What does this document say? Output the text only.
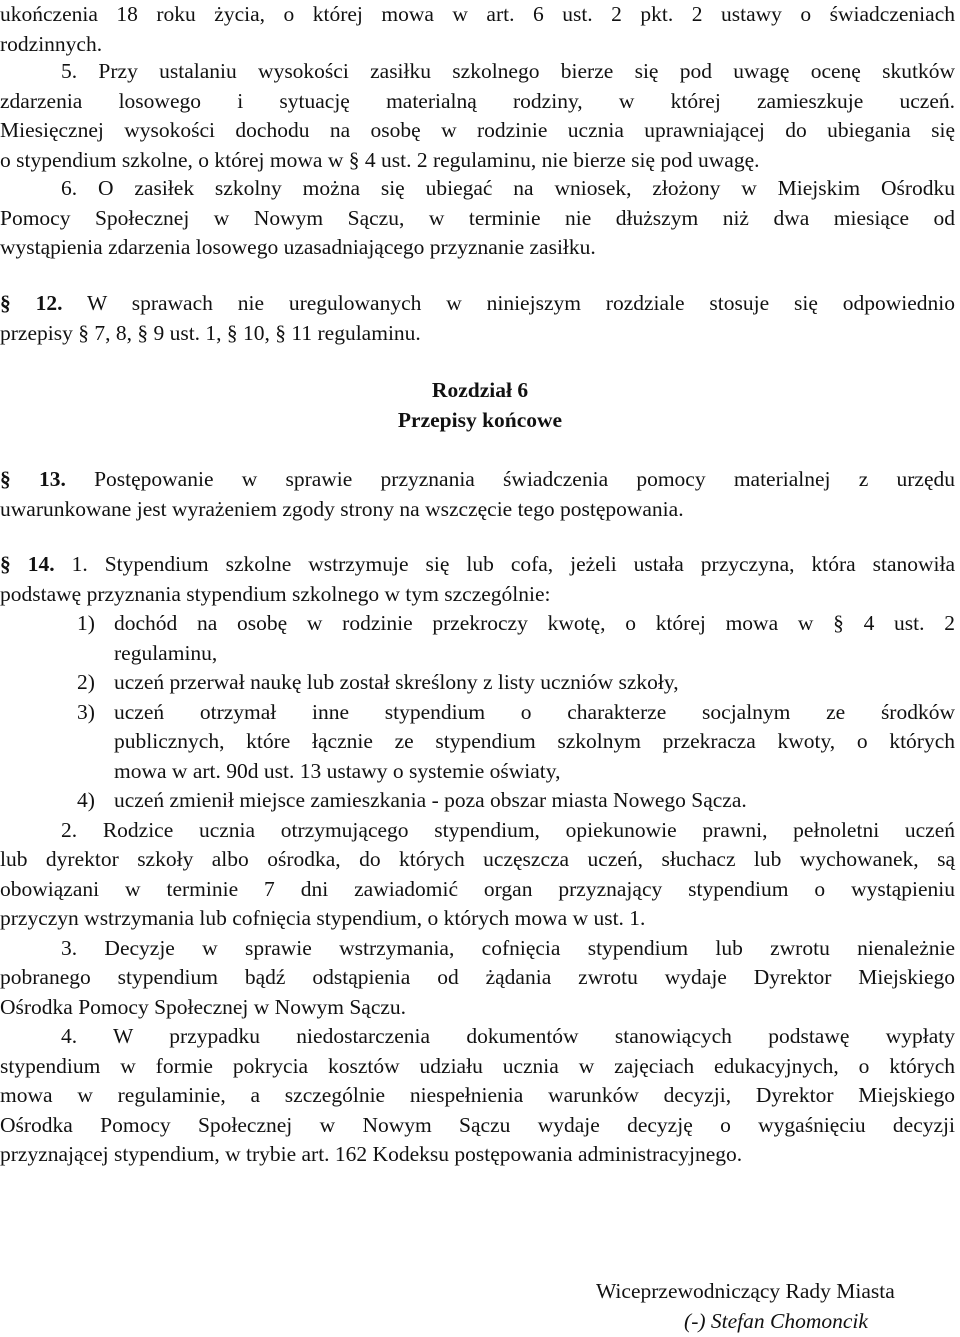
ukończenia 18 roku życia, o której mowa w art. 6 ust. 2 pkt. 2 ustawy o świadczeniach
rodzinnych.
5. Przy ustalaniu wysokości zasiłku szkolnego bierze się pod uwagę ocenę skutków
zdarzenia losowego i sytuację materialną rodziny, w której zamieszkuje uczeń.
Miesięcznej wysokości dochodu na osobę w rodzinie ucznia uprawniającej do ubiegania się
o stypendium szkolne, o której mowa w § 4 ust. 2 regulaminu, nie bierze się pod uwagę.
6. O zasiłek szkolny można się ubiegać na wniosek, złożony w Miejskim Ośrodku
Pomocy Społecznej w Nowym Sączu, w terminie nie dłuższym niż dwa miesiące od
wystąpienia zdarzenia losowego uzasadniającego przyznanie zasiłku.
§ 12. W sprawach nie uregulowanych w niniejszym rozdziale stosuje się odpowiednio
przepisy § 7, 8, § 9 ust. 1, § 10, § 11 regulaminu.
Rozdział 6
Przepisy końcowe
§ 13. Postępowanie w sprawie przyznania świadczenia pomocy materialnej z urzędu
uwarunkowane jest wyrażeniem zgody strony na wszczęcie tego postępowania.
§ 14. 1. Stypendium szkolne wstrzymuje się lub cofa, jeżeli ustała przyczyna, która stanowiła
podstawę przyznania stypendium szkolnego w tym szczególnie:
1) dochód na osobę w rodzinie przekroczy kwotę, o której mowa w § 4 ust. 2
regulaminu,
2) uczeń przerwał naukę lub został skreślony z listy uczniów szkoły,
3) uczeń otrzymał inne stypendium o charakterze socjalnym ze środków
publicznych, które łącznie ze stypendium szkolnym przekracza kwoty, o których
mowa w art. 90d ust. 13 ustawy o systemie oświaty,
4) uczeń zmienił miejsce zamieszkania - poza obszar miasta Nowego Sącza.
2. Rodzice ucznia otrzymującego stypendium, opiekunowie prawni, pełnoletni uczeń
lub dyrektor szkoły albo ośrodka, do których uczęszcza uczeń, słuchacz lub wychowanek, są
obowiązani w terminie 7 dni zawiadomić organ przyznający stypendium o wystąpieniu
przyczyn wstrzymania lub cofnięcia stypendium, o których mowa w ust. 1.
3. Decyzje w sprawie wstrzymania, cofnięcia stypendium lub zwrotu nienależnie
pobranego stypendium bądź odstąpienia od żądania zwrotu wydaje Dyrektor Miejskiego
Ośrodka Pomocy Społecznej w Nowym Sączu.
4. W przypadku niedostarczenia dokumentów stanowiących podstawę wypłaty
stypendium w formie pokrycia kosztów udziału ucznia w zajęciach edukacyjnych, o których
mowa w regulaminie, a szczególnie niespełnienia warunków decyzji, Dyrektor Miejskiego
Ośrodka Pomocy Społecznej w Nowym Sączu wydaje decyzję o wygaśnięciu decyzji
przyznającej stypendium, w trybie art. 162 Kodeksu postępowania administracyjnego.
Wiceprzewodniczący Rady Miasta
(-) Stefan Chomoncik
